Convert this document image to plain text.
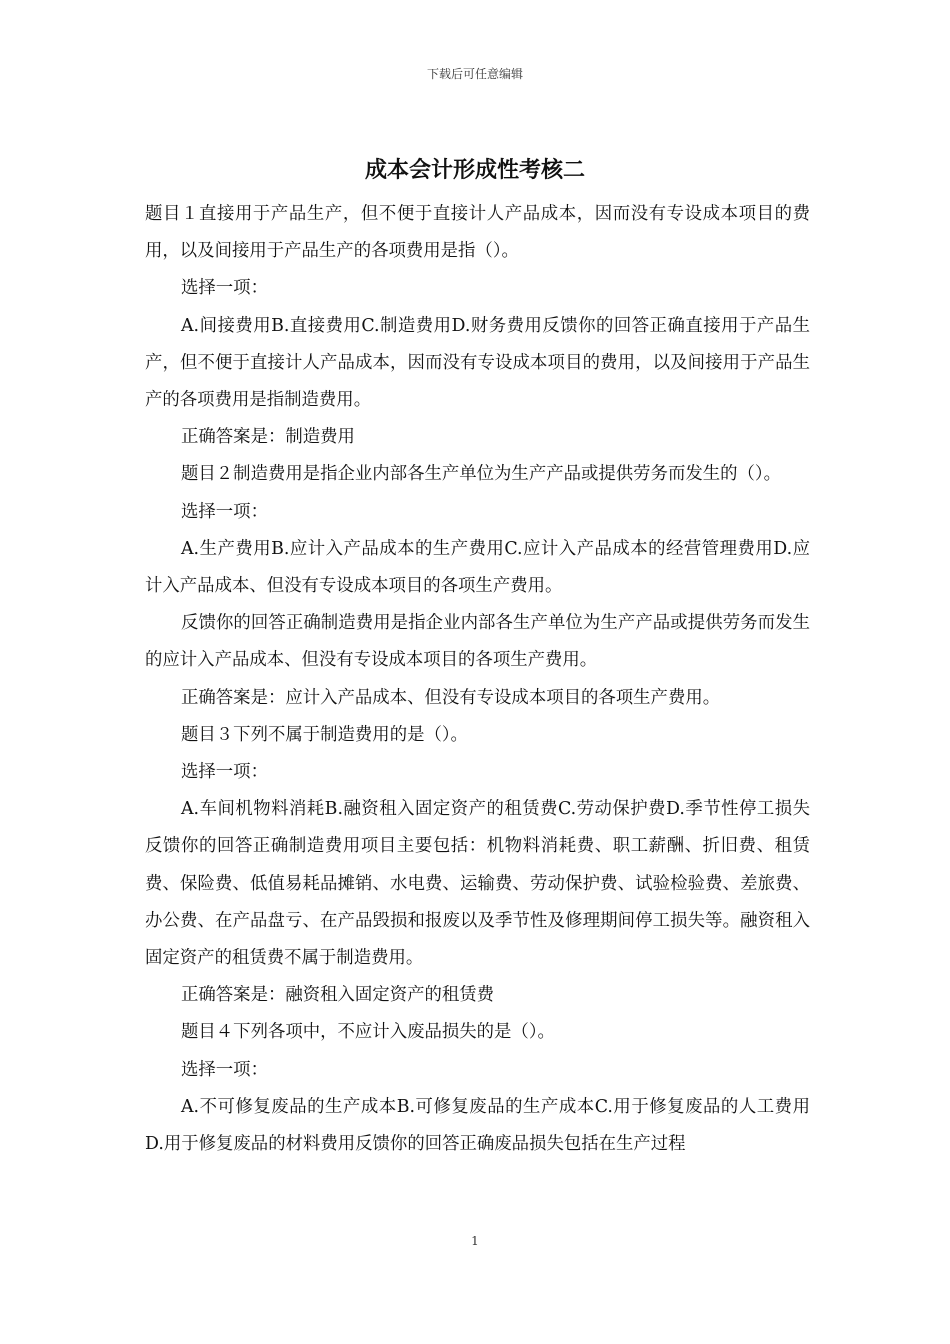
下载后可任意编辑
成本会计形成性考核二

题目１直接用于产品生产，但不便于直接计人产品成本，因而没有专设成本项目的费用，以及间接用于产品生产的各项费用是指（）。

选择一项：

A.间接费用B.直接费用C.制造费用D.财务费用反馈你的回答正确直接用于产品生产，但不便于直接计人产品成本，因而没有专设成本项目的费用，以及间接用于产品生产的各项费用是指制造费用。

正确答案是：制造费用

题目２制造费用是指企业内部各生产单位为生产产品或提供劳务而发生的（）。

选择一项：

A.生产费用B.应计入产品成本的生产费用C.应计入产品成本的经营管理费用D.应计入产品成本、但没有专设成本项目的各项生产费用。

反馈你的回答正确制造费用是指企业内部各生产单位为生产产品或提供劳务而发生的应计入产品成本、但没有专设成本项目的各项生产费用。

正确答案是：应计入产品成本、但没有专设成本项目的各项生产费用。

题目３下列不属于制造费用的是（）。

选择一项：

A.车间机物料消耗B.融资租入固定资产的租赁费C.劳动保护费D.季节性停工损失反馈你的回答正确制造费用项目主要包括：机物料消耗费、职工薪酬、折旧费、租赁费、保险费、低值易耗品摊销、水电费、运输费、劳动保护费、试验检验费、差旅费、办公费、在产品盘亏、在产品毁损和报废以及季节性及修理期间停工损失等。融资租入固定资产的租赁费不属于制造费用。

正确答案是：融资租入固定资产的租赁费

题目４下列各项中，不应计入废品损失的是（）。

选择一项：

A.不可修复废品的生产成本B.可修复废品的生产成本C.用于修复废品的人工费用D.用于修复废品的材料费用反馈你的回答正确废品损失包括在生产过程

1
